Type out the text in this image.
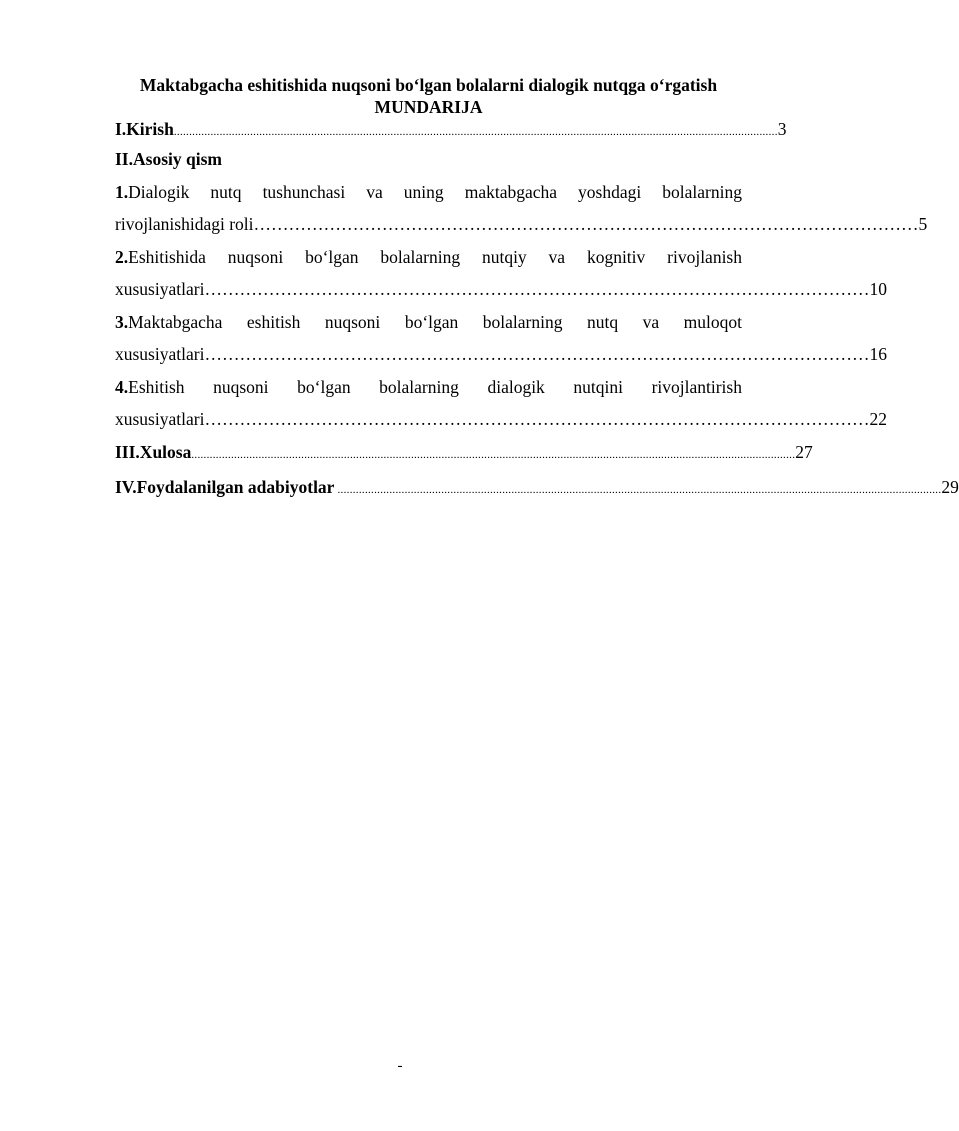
Maktabgacha eshitishida nuqsoni bo‘lgan bolalarni dialogik nutqga o‘rgatish

MUNDARIJA

I.Kirish ...................................................................................................................................................................................................... 3
II.Asosiy qism
1.Dialogik nutq tushunchasi va uning maktabgacha yoshdagi bolalarning
rivojlanishidagi roli …………………………………………………………………………………………………… 5
2.Eshitishida nuqsoni bo‘lgan bolalarning nutqiy va kognitiv rivojlanish
xususiyatlari …………………………………………………………………………………………………… 10
3.Maktabgacha eshitish nuqsoni bo‘lgan bolalarning nutq va muloqot
xususiyatlari …………………………………………………………………………………………………… 16
4.Eshitish nuqsoni bo‘lgan bolalarning dialogik nutqini rivojlantirish
xususiyatlari …………………………………………………………………………………………………… 22
III.Xulosa ...................................................................................................................................................................................................... 27
IV.Foydalanilgan adabiyotlar ...................................................................................................................................................................................................... 29
-
